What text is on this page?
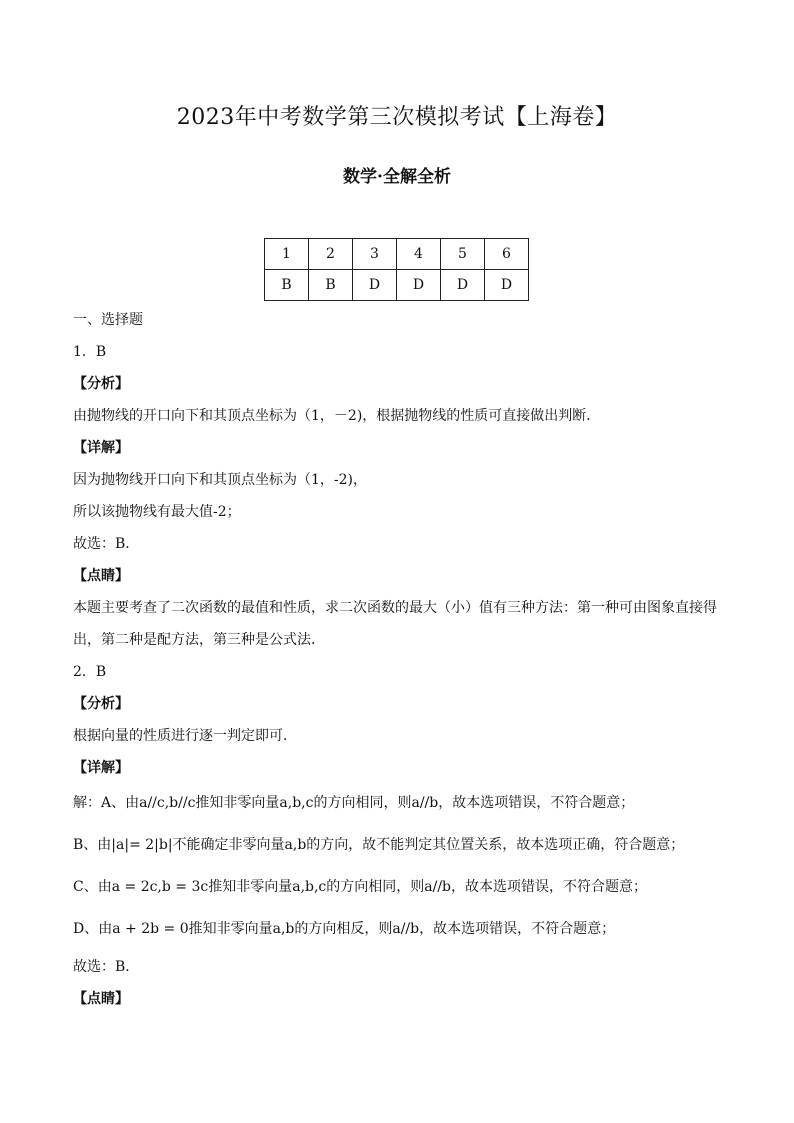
2023年中考数学第三次模拟考试【上海卷】
数学·全解全析
1	2	3	4	5	6
B	B	D	D	D	D
一、选择题
1．B
【分析】
由抛物线的开口向下和其顶点坐标为（1，－2)，根据抛物线的性质可直接做出判断．
【详解】
因为抛物线开口向下和其顶点坐标为（1，-2)，
所以该抛物线有最大值-2；
故选：B．
【点睛】
本题主要考查了二次函数的最值和性质，求二次函数的最大（小）值有三种方法：第一种可由图象直接得
出，第二种是配方法，第三种是公式法．
2．B
【分析】
根据向量的性质进行逐一判定即可．
【详解】
解：A、由a//c,b//c推知非零向量a,b,c的方向相同，则a//b，故本选项错误，不符合题意；
B、由|a|= 2|b|不能确定非零向量a,b的方向，故不能判定其位置关系，故本选项正确，符合题意；
C、由a = 2c,b = 3c推知非零向量a,b,c的方向相同，则a//b，故本选项错误，不符合题意；
D、由a + 2b = 0推知非零向量a,b的方向相反，则a//b，故本选项错误，不符合题意；
故选：B．
【点睛】
